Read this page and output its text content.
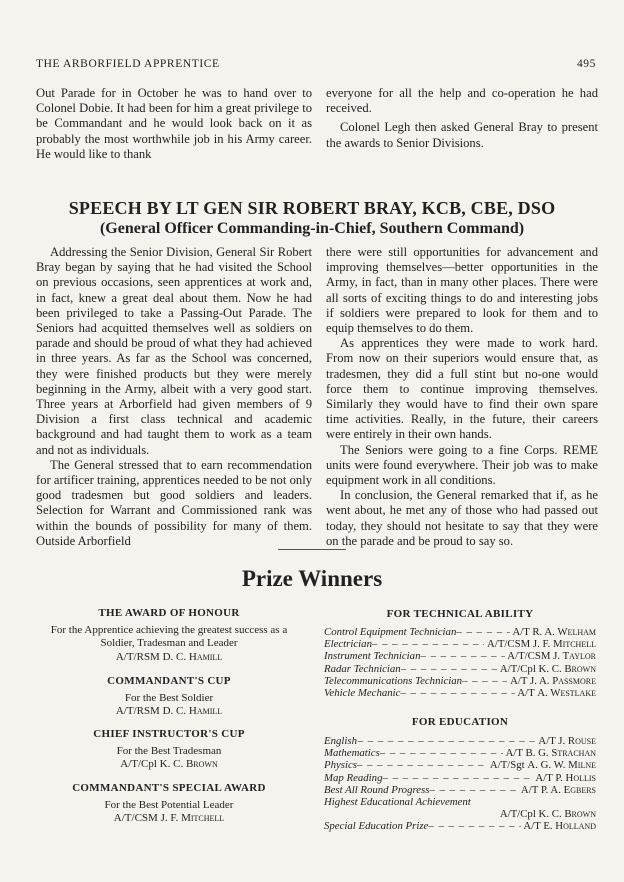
THE ARBORFIELD APPRENTICE	495

Out Parade for in October he was to hand over to Colonel Dobie. It had been for him a great privilege to be Commandant and he would look back on it as probably the most worthwhile job in his Army career. He would like to thank

everyone for all the help and co-operation he had received.

Colonel Legh then asked General Bray to present the awards to Senior Divisions.

SPEECH BY LT GEN SIR ROBERT BRAY, KCB, CBE, DSO
(General Officer Commanding-in-Chief, Southern Command)

Addressing the Senior Division, General Sir Robert Bray began by saying that he had visited the School on previous occasions, seen apprentices at work and, in fact, knew a great deal about them. Now he had been privileged to take a Passing-Out Parade. The Seniors had acquitted themselves well as soldiers on parade and should be proud of what they had achieved in three years. As far as the School was concerned, they were finished products but they were merely beginning in the Army, albeit with a very good start. Three years at Arborfield had given members of 9 Division a first class technical and academic background and had taught them to work as a team and not as individuals.

The General stressed that to earn recommendation for artificer training, apprentices needed to be not only good tradesmen but good soldiers and leaders. Selection for Warrant and Commissioned rank was within the bounds of possibility for many of them. Outside Arborfield

there were still opportunities for advancement and improving themselves—better opportunities in the Army, in fact, than in many other places. There were all sorts of exciting things to do and interesting jobs if soldiers were prepared to look for them and to equip themselves to do them.

As apprentices they were made to work hard. From now on their superiors would ensure that, as tradesmen, they did a full stint but no-one would force them to continue improving themselves. Similarly they would have to find their own spare time activities. Really, in the future, their careers were entirely in their own hands.

The Seniors were going to a fine Corps. REME units were found everywhere. Their job was to make equipment work in all conditions.

In conclusion, the General remarked that if, as he went about, he met any of those who had passed out today, they should not hesitate to say that they were on the parade and be proud to say so.

Prize Winners
THE AWARD OF HONOUR
For the Apprentice achieving the greatest success as a Soldier, Tradesman and Leader
A/T/RSM D. C. Hamill
COMMANDANT'S CUP
For the Best Soldier
A/T/RSM D. C. Hamill
CHIEF INSTRUCTOR'S CUP
For the Best Tradesman
A/T/Cpl K. C. Brown
COMMANDANT'S SPECIAL AWARD
For the Best Potential Leader
A/T/CSM J. F. Mitchell
FOR TECHNICAL ABILITY
Control Equipment Technician – – –	A/T R. A. Welham
Electrician – – –	A/T/CSM J. F. Mitchell
Instrument Technician – – –	A/T/CSM J. Taylor
Radar Technician – – –	A/T/Cpl K. C. Brown
Telecommunications Technician – – –	A/T J. A. Passmore
Vehicle Mechanic – – –	A/T A. Westlake
FOR EDUCATION
English – – –	A/T J. Rouse
Mathematics – – –	A/T B. G. Strachan
Physics – – –	A/T/Sgt A. G. W. Milne
Map Reading – – –	A/T P. Hollis
Best All Round Progress – – –	A/T P. A. Egbers
Highest Educational Achievement
A/T/Cpl K. C. Brown
Special Education Prize – – –	A/T E. Holland
